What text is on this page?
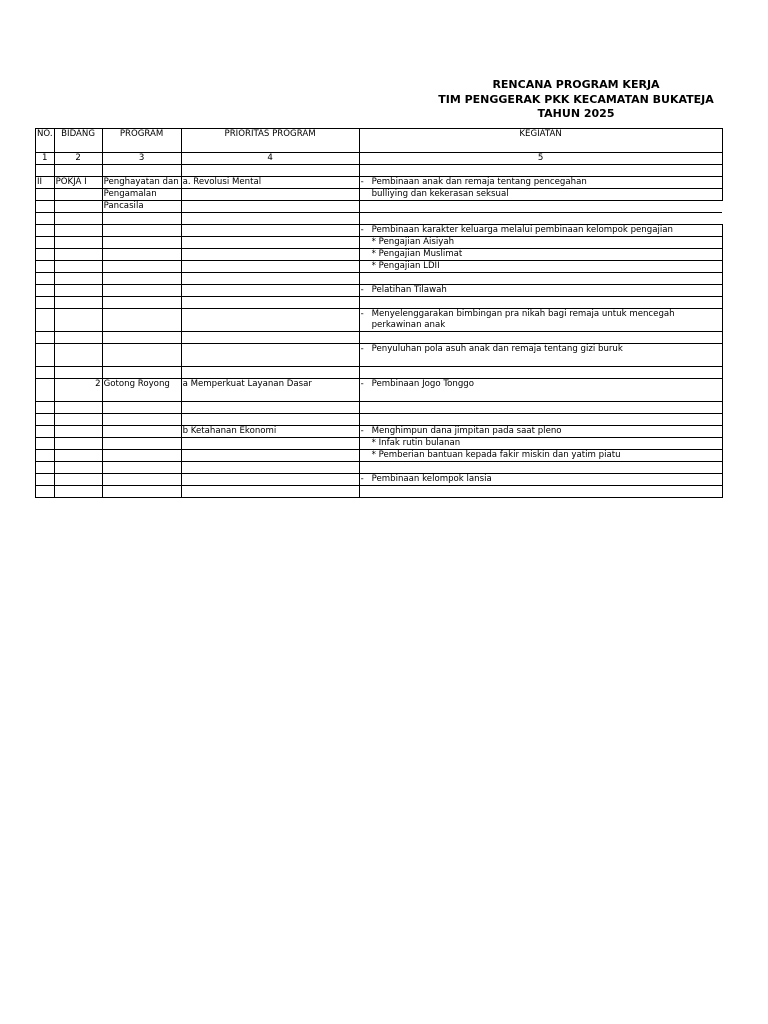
RENCANA PROGRAM KERJA
TIM PENGGERAK PKK KECAMATAN BUKATEJA
TAHUN 2025
NO.	BIDANG	PROGRAM	PRIORITAS PROGRAM	KEGIATAN
1	2	3	4	5

II	POKJA I	Penghayatan dan	a. Revolusi Mental	- Pembinaan anak dan remaja tentang pencegahan
		Pengamalan		bulliying dan kekerasan seksual
		Pancasila		

				- Pembinaan karakter keluarga melalui pembinaan kelompok pengajian
				* Pengajian Aisiyah
				* Pengajian Muslimat
				* Pengajian LDII

				- Pelatihan Tilawah

				- Menyelenggarakan bimbingan pra nikah bagi remaja untuk mencegah
perkawinan anak

				- Penyuluhan pola asuh anak dan remaja tentang gizi buruk

	2	Gotong Royong	a Memperkuat Layanan Dasar	- Pembinaan Jogo Tonggo

			b Ketahanan Ekonomi	- Menghimpun dana jimpitan pada saat pleno
				* Infak rutin bulanan
				* Pemberian bantuan kepada fakir miskin dan yatim piatu

				- Pembinaan kelompok lansia
